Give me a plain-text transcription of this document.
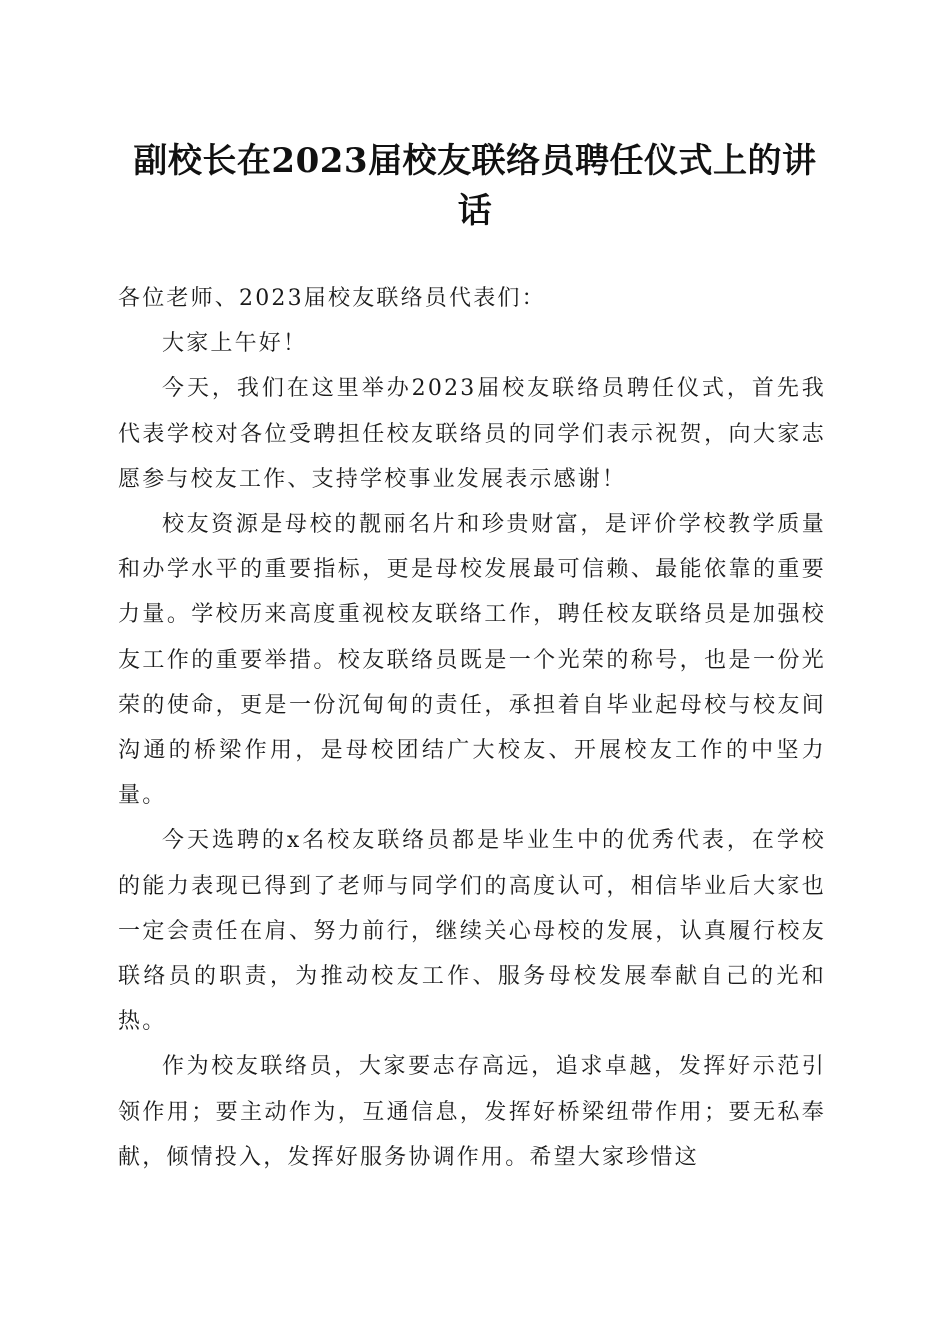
副校长在2023届校友联络员聘任仪式上的讲话

各位老师、2023届校友联络员代表们：

大家上午好！

今天，我们在这里举办2023届校友联络员聘任仪式，首先我代表学校对各位受聘担任校友联络员的同学们表示祝贺，向大家志愿参与校友工作、支持学校事业发展表示感谢！

校友资源是母校的靓丽名片和珍贵财富，是评价学校教学质量和办学水平的重要指标，更是母校发展最可信赖、最能依靠的重要力量。学校历来高度重视校友联络工作，聘任校友联络员是加强校友工作的重要举措。校友联络员既是一个光荣的称号，也是一份光荣的使命，更是一份沉甸甸的责任，承担着自毕业起母校与校友间沟通的桥梁作用，是母校团结广大校友、开展校友工作的中坚力量。

今天选聘的x名校友联络员都是毕业生中的优秀代表，在学校的能力表现已得到了老师与同学们的高度认可，相信毕业后大家也一定会责任在肩、努力前行，继续关心母校的发展，认真履行校友联络员的职责，为推动校友工作、服务母校发展奉献自己的光和热。

作为校友联络员，大家要志存高远，追求卓越，发挥好示范引领作用；要主动作为，互通信息，发挥好桥梁纽带作用；要无私奉献，倾情投入，发挥好服务协调作用。希望大家珍惜这
